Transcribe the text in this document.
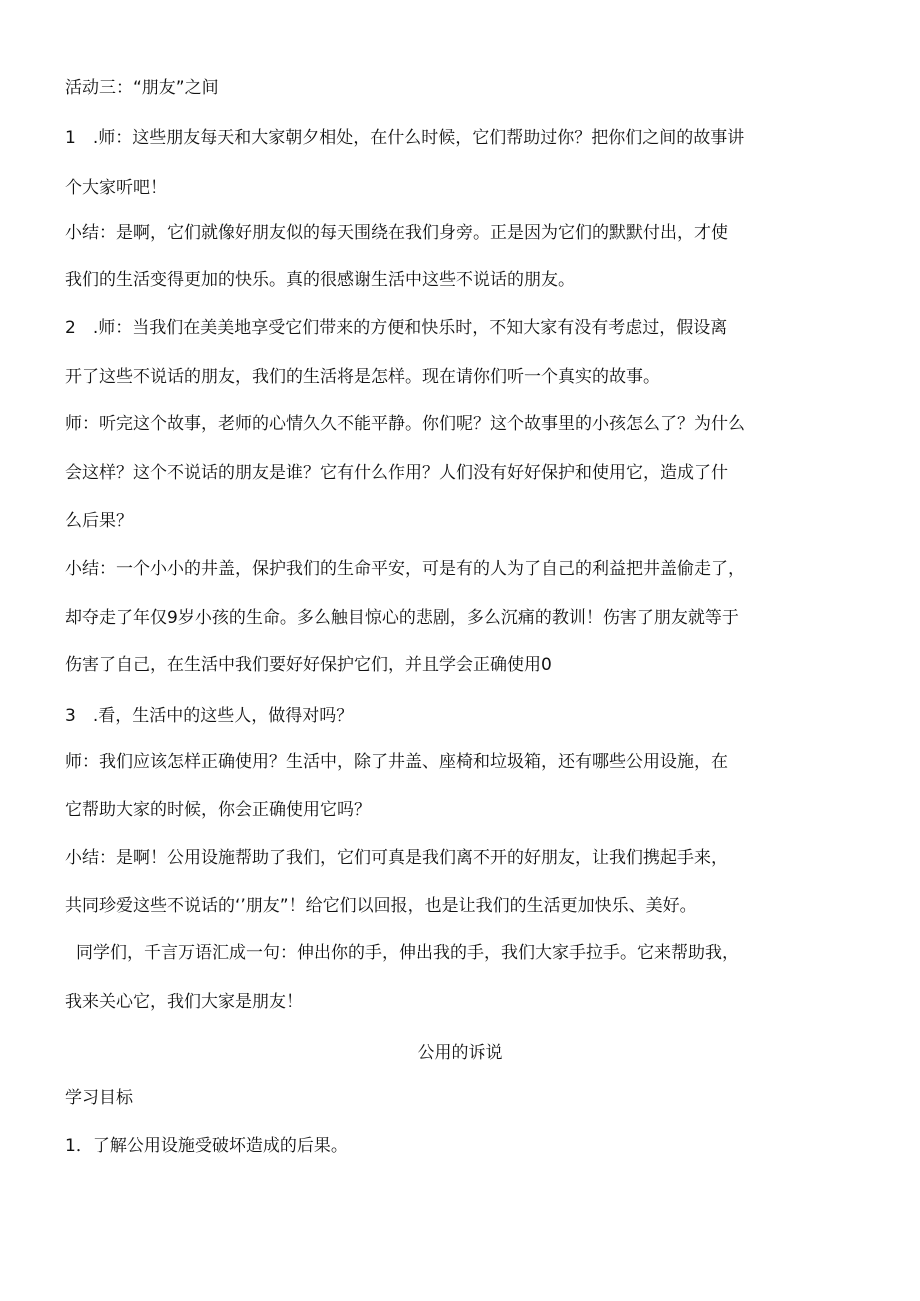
活动三：“朋友”之间

1　.师：这些朋友每天和大家朝夕相处，在什么时候，它们帮助过你？把你们之间的故事讲

个大家听吧！

小结：是啊，它们就像好朋友似的每天围绕在我们身旁。正是因为它们的默默付出，才使

我们的生活变得更加的快乐。真的很感谢生活中这些不说话的朋友。

2　.师：当我们在美美地享受它们带来的方便和快乐时，不知大家有没有考虑过，假设离

开了这些不说话的朋友，我们的生活将是怎样。现在请你们听一个真实的故事。

师：听完这个故事，老师的心情久久不能平静。你们呢？这个故事里的小孩怎么了？为什么

会这样？这个不说话的朋友是谁？它有什么作用？人们没有好好保护和使用它，造成了什

么后果？

小结：一个小小的井盖，保护我们的生命平安，可是有的人为了自己的利益把井盖偷走了，

却夺走了年仅9岁小孩的生命。多么触目惊心的悲剧，多么沉痛的教训！伤害了朋友就等于

伤害了自己，在生活中我们要好好保护它们，并且学会正确使用0

3　.看，生活中的这些人，做得对吗？

师：我们应该怎样正确使用？生活中，除了井盖、座椅和垃圾箱，还有哪些公用设施，在

它帮助大家的时候，你会正确使用它吗？

小结：是啊！公用设施帮助了我们，它们可真是我们离不开的好朋友，让我们携起手来，

共同珍爱这些不说话的‘’朋友”！给它们以回报，也是让我们的生活更加快乐、美好。

同学们，千言万语汇成一句：伸出你的手，伸出我的手，我们大家手拉手。它来帮助我，

我来关心它，我们大家是朋友！

公用的诉说

学习目标

1．了解公用设施受破坏造成的后果。
